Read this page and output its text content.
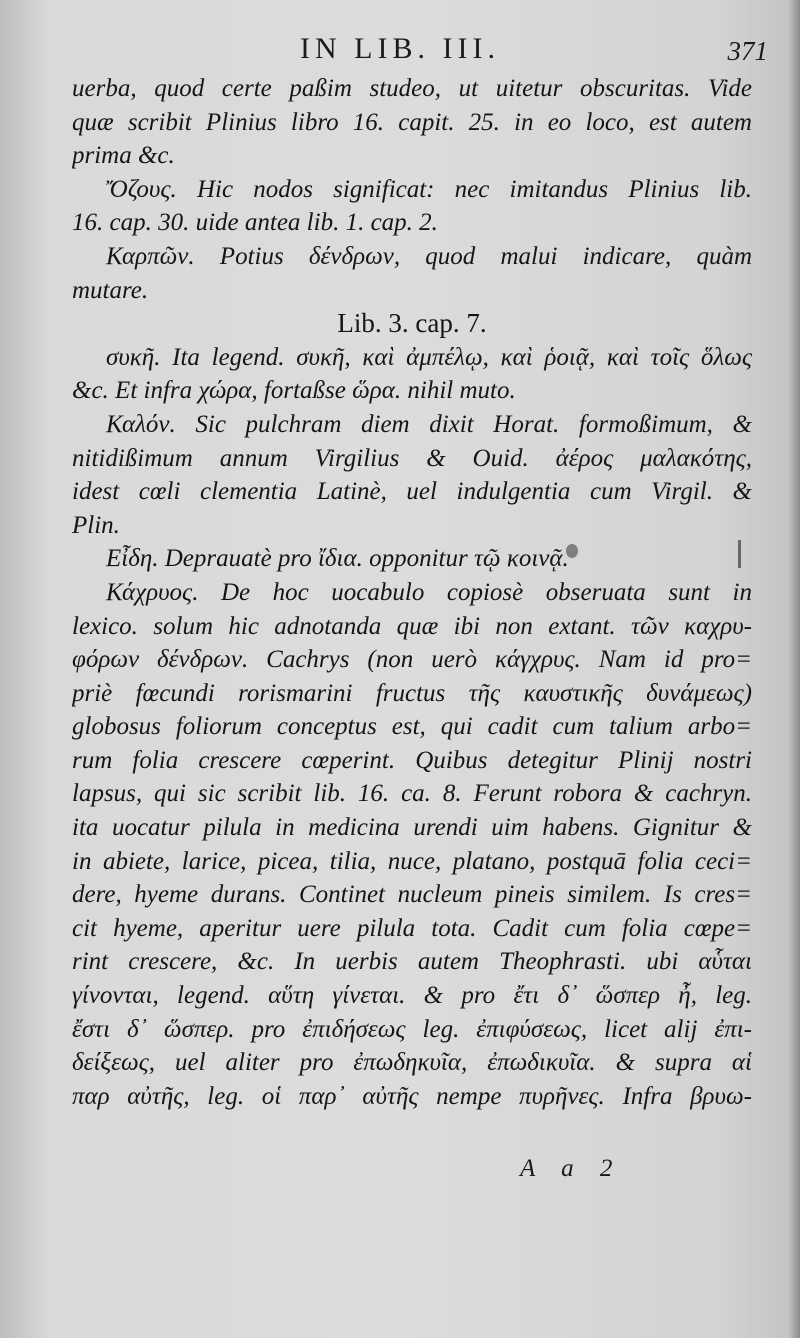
IN LIB. III.	371
uerba, quod certe paßim studeo, ut uitetur obscuritas. Vide
quæ scribit Plinius libro 16. capit. 25. in eo loco, est autem
prima &c.
Ὄζους. Hic nodos significat: nec imitandus Plinius lib.
16. cap. 30. uide antea lib. 1. cap. 2.
Καρπῶν. Potius δένδρων, quod malui indicare, quàm
mutare.
Lib. 3. cap. 7.
συκῆ. Ita legend. συκῆ, καὶ ἀμπέλῳ, καὶ ῥοιᾷ, καὶ τοῖς ὅλως
&c. Et infra χώρα, fortaßse ὥρα. nihil muto.
Καλόν. Sic pulchram diem dixit Horat. formoßimum, &
nitidißimum annum Virgilius & Ouid. ἀέρος μαλακότης,
idest cœli clementia Latinè, uel indulgentia cum Virgil. &
Plin.
Εἶδη. Deprauatè pro ἴδια. opponitur τῷ κοινᾷ.
Κάχρυος. De hoc uocabulo copiosè obseruata sunt in
lexico. solum hic adnotanda quæ ibi non extant. τῶν καχρυ-
φόρων δένδρων. Cachrys (non uerò κάγχρυς. Nam id pro=
priè fœcundi rorismarini fructus τῆς καυστικῆς δυνάμεως)
globosus foliorum conceptus est, qui cadit cum talium arbo=
rum folia crescere cœperint. Quibus detegitur Plinij nostri
lapsus, qui sic scribit lib. 16. ca. 8. Ferunt robora & cachryn.
ita uocatur pilula in medicina urendi uim habens. Gignitur &
in abiete, larice, picea, tilia, nuce, platano, postquā folia ceci=
dere, hyeme durans. Continet nucleum pineis similem. Is cres=
cit hyeme, aperitur uere pilula tota. Cadit cum folia cœpe=
rint crescere, &c. In uerbis autem Theophrasti. ubi αὗται
γίνονται, legend. αὕτη γίνεται. & pro ἔτι δ᾽ ὥσπερ ἦ, leg.
ἔστι δ᾽ ὥσπερ. pro ἐπιδήσεως leg. ἐπιφύσεως, licet alij ἐπι-
δείξεως, uel aliter pro ἐπωδηκυῖα, ἐπωδικυῖα. & supra αἱ
παρ αὐτῆς, leg. οἱ παρ᾽ αὐτῆς nempe πυρῆνες. Infra βρυω-
A a 2
